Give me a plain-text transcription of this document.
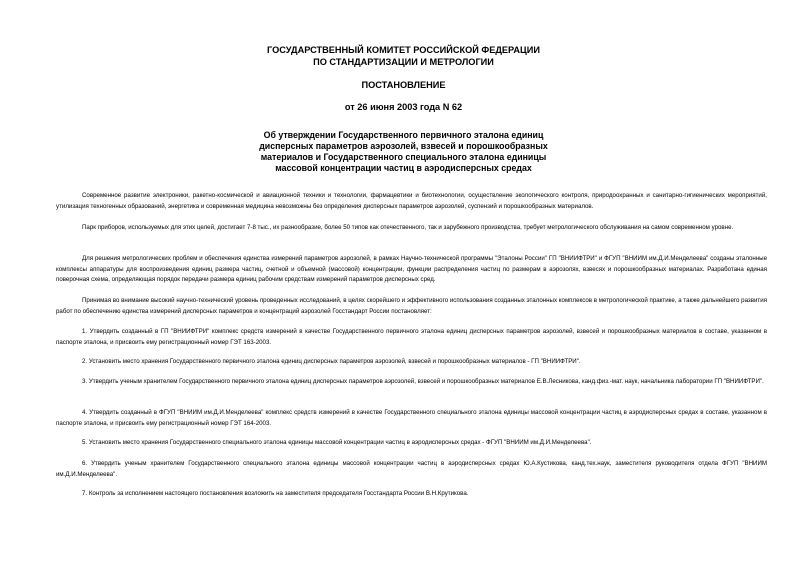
ГОСУДАРСТВЕННЫЙ КОМИТЕТ РОССИЙСКОЙ ФЕДЕРАЦИИ
ПО СТАНДАРТИЗАЦИИ И МЕТРОЛОГИИ
ПОСТАНОВЛЕНИЕ
от 26 июня 2003 года N 62
Об утверждении Государственного первичного эталона единиц
дисперсных параметров аэрозолей, взвесей и порошкообразных
материалов и Государственного специального эталона единицы
массовой концентрации частиц в аэродисперсных средах

Современное развитие электроники, ракетно-космической и авиационной техники и технологии, фармацевтики и биотехнологии, осуществление экологического контроля, природоохранных и санитарно-гигиенических мероприятий, утилизация техногенных образований, энергетика и современная медицина невозможны без определения дисперсных параметров аэрозолей, суспензий и порошкообразных материалов.

Парк приборов, используемых для этих целей, достигает 7-8 тыс., их разнообразие, более 50 типов как отечественного, так и зарубежного производства, требует метрологического обслуживания на самом современном уровне.

Для решения метрологических проблем и обеспечения единства измерений параметров аэрозолей, в рамках Научно-технической программы "Эталоны России" ГП "ВНИИФТРИ" и ФГУП "ВНИИМ им.Д.И.Менделеева" созданы эталонные комплексы аппаратуры для воспроизведения единиц размера частиц, счетной и объемной (массовой) концентрации, функции распределения частиц по размерам в аэрозолях, взвесях и порошкообразных материалах. Разработана единая поверочная схема, определяющая порядок передачи размера единиц рабочим средствам измерений параметров дисперсных сред.

Принимая во внимание высокий научно-технический уровень проведенных исследований, в целях скорейшего и эффективного использования созданных эталонных комплексов в метрологической практике, а также дальнейшего развития работ по обеспечению единства измерений дисперсных параметров и концентраций аэрозолей Госстандарт России постановляет:

1. Утвердить созданный в ГП "ВНИИФТРИ" комплекс средств измерений в качестве Государственного первичного эталона единиц дисперсных параметров аэрозолей, взвесей и порошкообразных материалов в составе, указанном в паспорте эталона, и присвоить ему регистрационный номер ГЭТ 163-2003.

2. Установить место хранения Государственного первичного эталона единиц дисперсных параметров аэрозолей, взвесей и порошкообразных материалов - ГП "ВНИИФТРИ".

3. Утвердить ученым хранителем Государственного первичного эталона единиц дисперсных параметров аэрозолей, взвесей и порошкообразных материалов Е.В.Лесникова, канд.физ.-мат. наук, начальника лаборатории ГП "ВНИИФТРИ".

4. Утвердить созданный в ФГУП "ВНИИМ им.Д.И.Менделеева" комплекс средств измерений в качестве Государственного специального эталона единицы массовой концентрации частиц в аэродисперсных средах в составе, указанном в паспорте эталона, и присвоить ему регистрационный номер ГЭТ 164-2003.

5. Установить место хранения Государственного специального эталона единицы массовой концентрации частиц в аэродисперсных средах - ФГУП "ВНИИМ им.Д.И.Менделеева".

6. Утвердить ученым хранителем Государственного специального эталона единицы массовой концентрации частиц в аэродисперсных средах Ю.А.Кустикова, канд.тех.наук, заместителя руководителя отдела ФГУП "ВНИИМ им.Д.И.Менделеева".

7. Контроль за исполнением настоящего постановления возложить на заместителя председателя Госстандарта России В.Н.Крутикова.
